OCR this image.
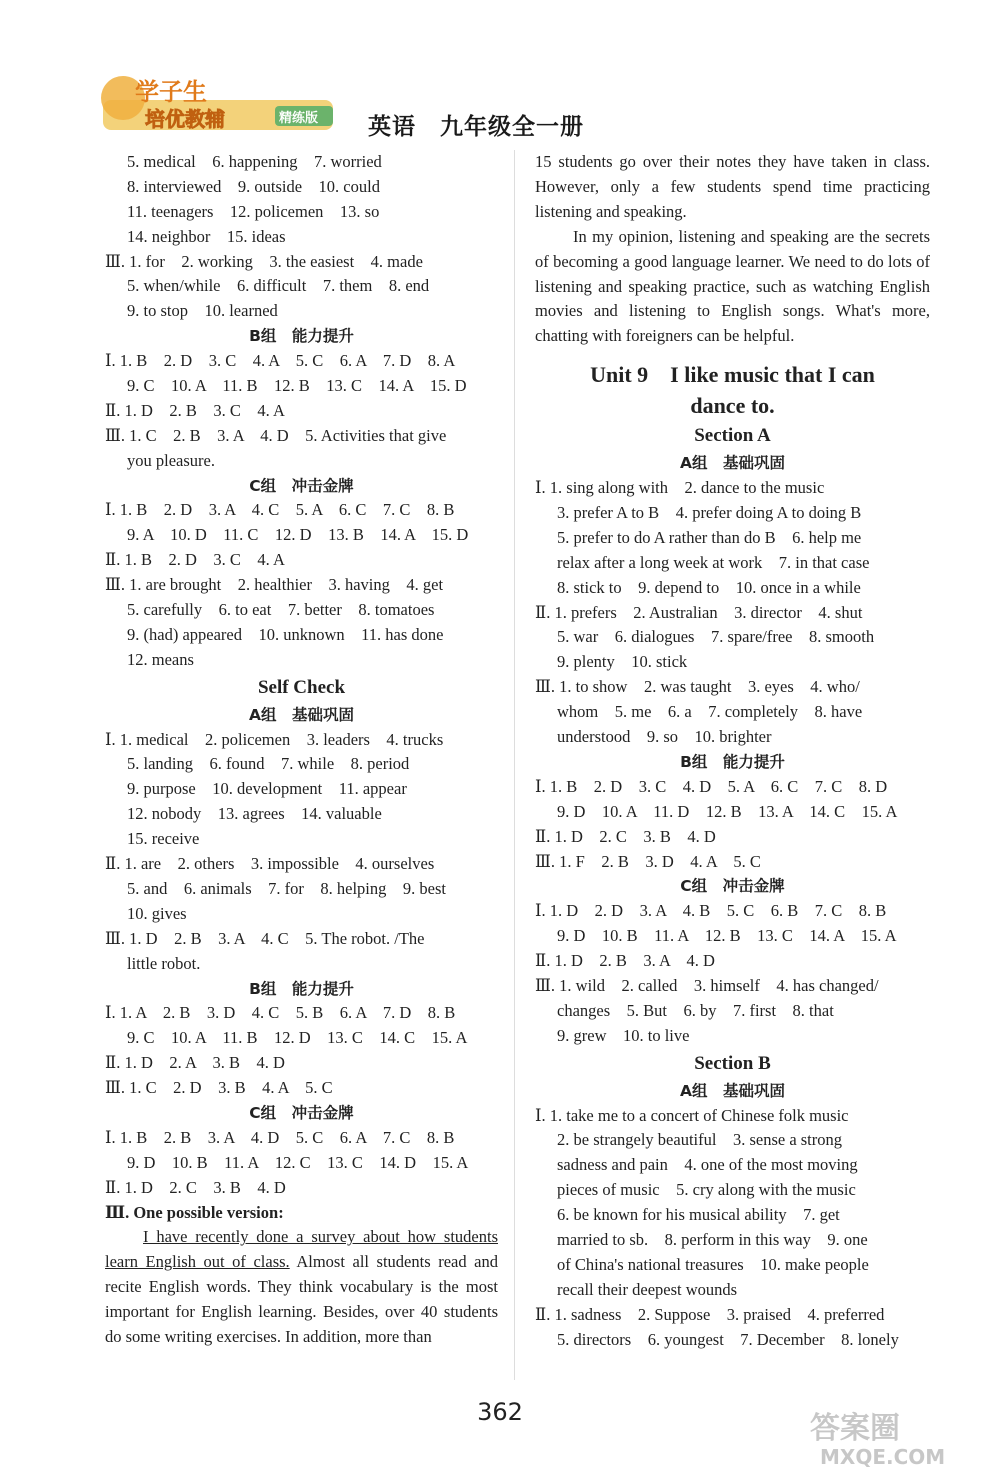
学子生
培优教辅	精练版 英语　九年级全一册
5. medical　6. happening　7. worried
8. interviewed　9. outside　10. could
11. teenagers　12. policemen　13. so
14. neighbor　15. ideas
Ⅲ. 1. for　2. working　3. the easiest　4. made
5. when/while　6. difficult　7. them　8. end
9. to stop　10. learned
B组　能力提升
Ⅰ. 1. B　2. D　3. C　4. A　5. C　6. A　7. D　8. A
9. C　10. A　11. B　12. B　13. C　14. A　15. D
Ⅱ. 1. D　2. B　3. C　4. A
Ⅲ. 1. C　2. B　3. A　4. D　5. Activities that give
you pleasure.
C组　冲击金牌
Ⅰ. 1. B　2. D　3. A　4. C　5. A　6. C　7. C　8. B
9. A　10. D　11. C　12. D　13. B　14. A　15. D
Ⅱ. 1. B　2. D　3. C　4. A
Ⅲ. 1. are brought　2. healthier　3. having　4. get
5. carefully　6. to eat　7. better　8. tomatoes
9. (had) appeared　10. unknown　11. has done
12. means
Self Check
A组　基础巩固
Ⅰ. 1. medical　2. policemen　3. leaders　4. trucks
5. landing　6. found　7. while　8. period
9. purpose　10. development　11. appear
12. nobody　13. agrees　14. valuable
15. receive
Ⅱ. 1. are　2. others　3. impossible　4. ourselves
5. and　6. animals　7. for　8. helping　9. best
10. gives
Ⅲ. 1. D　2. B　3. A　4. C　5. The robot. /The
little robot.
B组　能力提升
Ⅰ. 1. A　2. B　3. D　4. C　5. B　6. A　7. D　8. B
9. C　10. A　11. B　12. D　13. C　14. C　15. A
Ⅱ. 1. D　2. A　3. B　4. D
Ⅲ. 1. C　2. D　3. B　4. A　5. C
C组　冲击金牌
Ⅰ. 1. B　2. B　3. A　4. D　5. C　6. A　7. C　8. B
9. D　10. B　11. A　12. C　13. C　14. D　15. A
Ⅱ. 1. D　2. C　3. B　4. D
Ⅲ. One possible version:
I have recently done a survey about how students learn English out of class. Almost all students read and recite English words. They think vocabulary is the most important for English learning. Besides, over 40 students do some writing exercises. In addition, more than
15 students go over their notes they have taken in class. However, only a few students spend time practicing listening and speaking.
In my opinion, listening and speaking are the secrets of becoming a good language learner. We need to do lots of listening and speaking practice, such as watching English movies and listening to English songs. What's more, chatting with foreigners can be helpful.
Unit 9　I like music that I can
dance to.
Section A
A组　基础巩固
Ⅰ. 1. sing along with　2. dance to the music
3. prefer A to B　4. prefer doing A to doing B
5. prefer to do A rather than do B　6. help me
relax after a long week at work　7. in that case
8. stick to　9. depend to　10. once in a while
Ⅱ. 1. prefers　2. Australian　3. director　4. shut
5. war　6. dialogues　7. spare/free　8. smooth
9. plenty　10. stick
Ⅲ. 1. to show　2. was taught　3. eyes　4. who/
whom　5. me　6. a　7. completely　8. have
understood　9. so　10. brighter
B组　能力提升
Ⅰ. 1. B　2. D　3. C　4. D　5. A　6. C　7. C　8. D
9. D　10. A　11. D　12. B　13. A　14. C　15. A
Ⅱ. 1. D　2. C　3. B　4. D
Ⅲ. 1. F　2. B　3. D　4. A　5. C
C组　冲击金牌
Ⅰ. 1. D　2. D　3. A　4. B　5. C　6. B　7. C　8. B
9. D　10. B　11. A　12. B　13. C　14. A　15. A
Ⅱ. 1. D　2. B　3. A　4. D
Ⅲ. 1. wild　2. called　3. himself　4. has changed/
changes　5. But　6. by　7. first　8. that
9. grew　10. to live
Section B
A组　基础巩固
Ⅰ. 1. take me to a concert of Chinese folk music
2. be strangely beautiful　3. sense a strong
sadness and pain　4. one of the most moving
pieces of music　5. cry along with the music
6. be known for his musical ability　7. get
married to sb.　8. perform in this way　9. one
of China's national treasures　10. make people
recall their deepest wounds
Ⅱ. 1. sadness　2. Suppose　3. praised　4. preferred
5. directors　6. youngest　7. December　8. lonely
362	答案圈
MXQE.COM
